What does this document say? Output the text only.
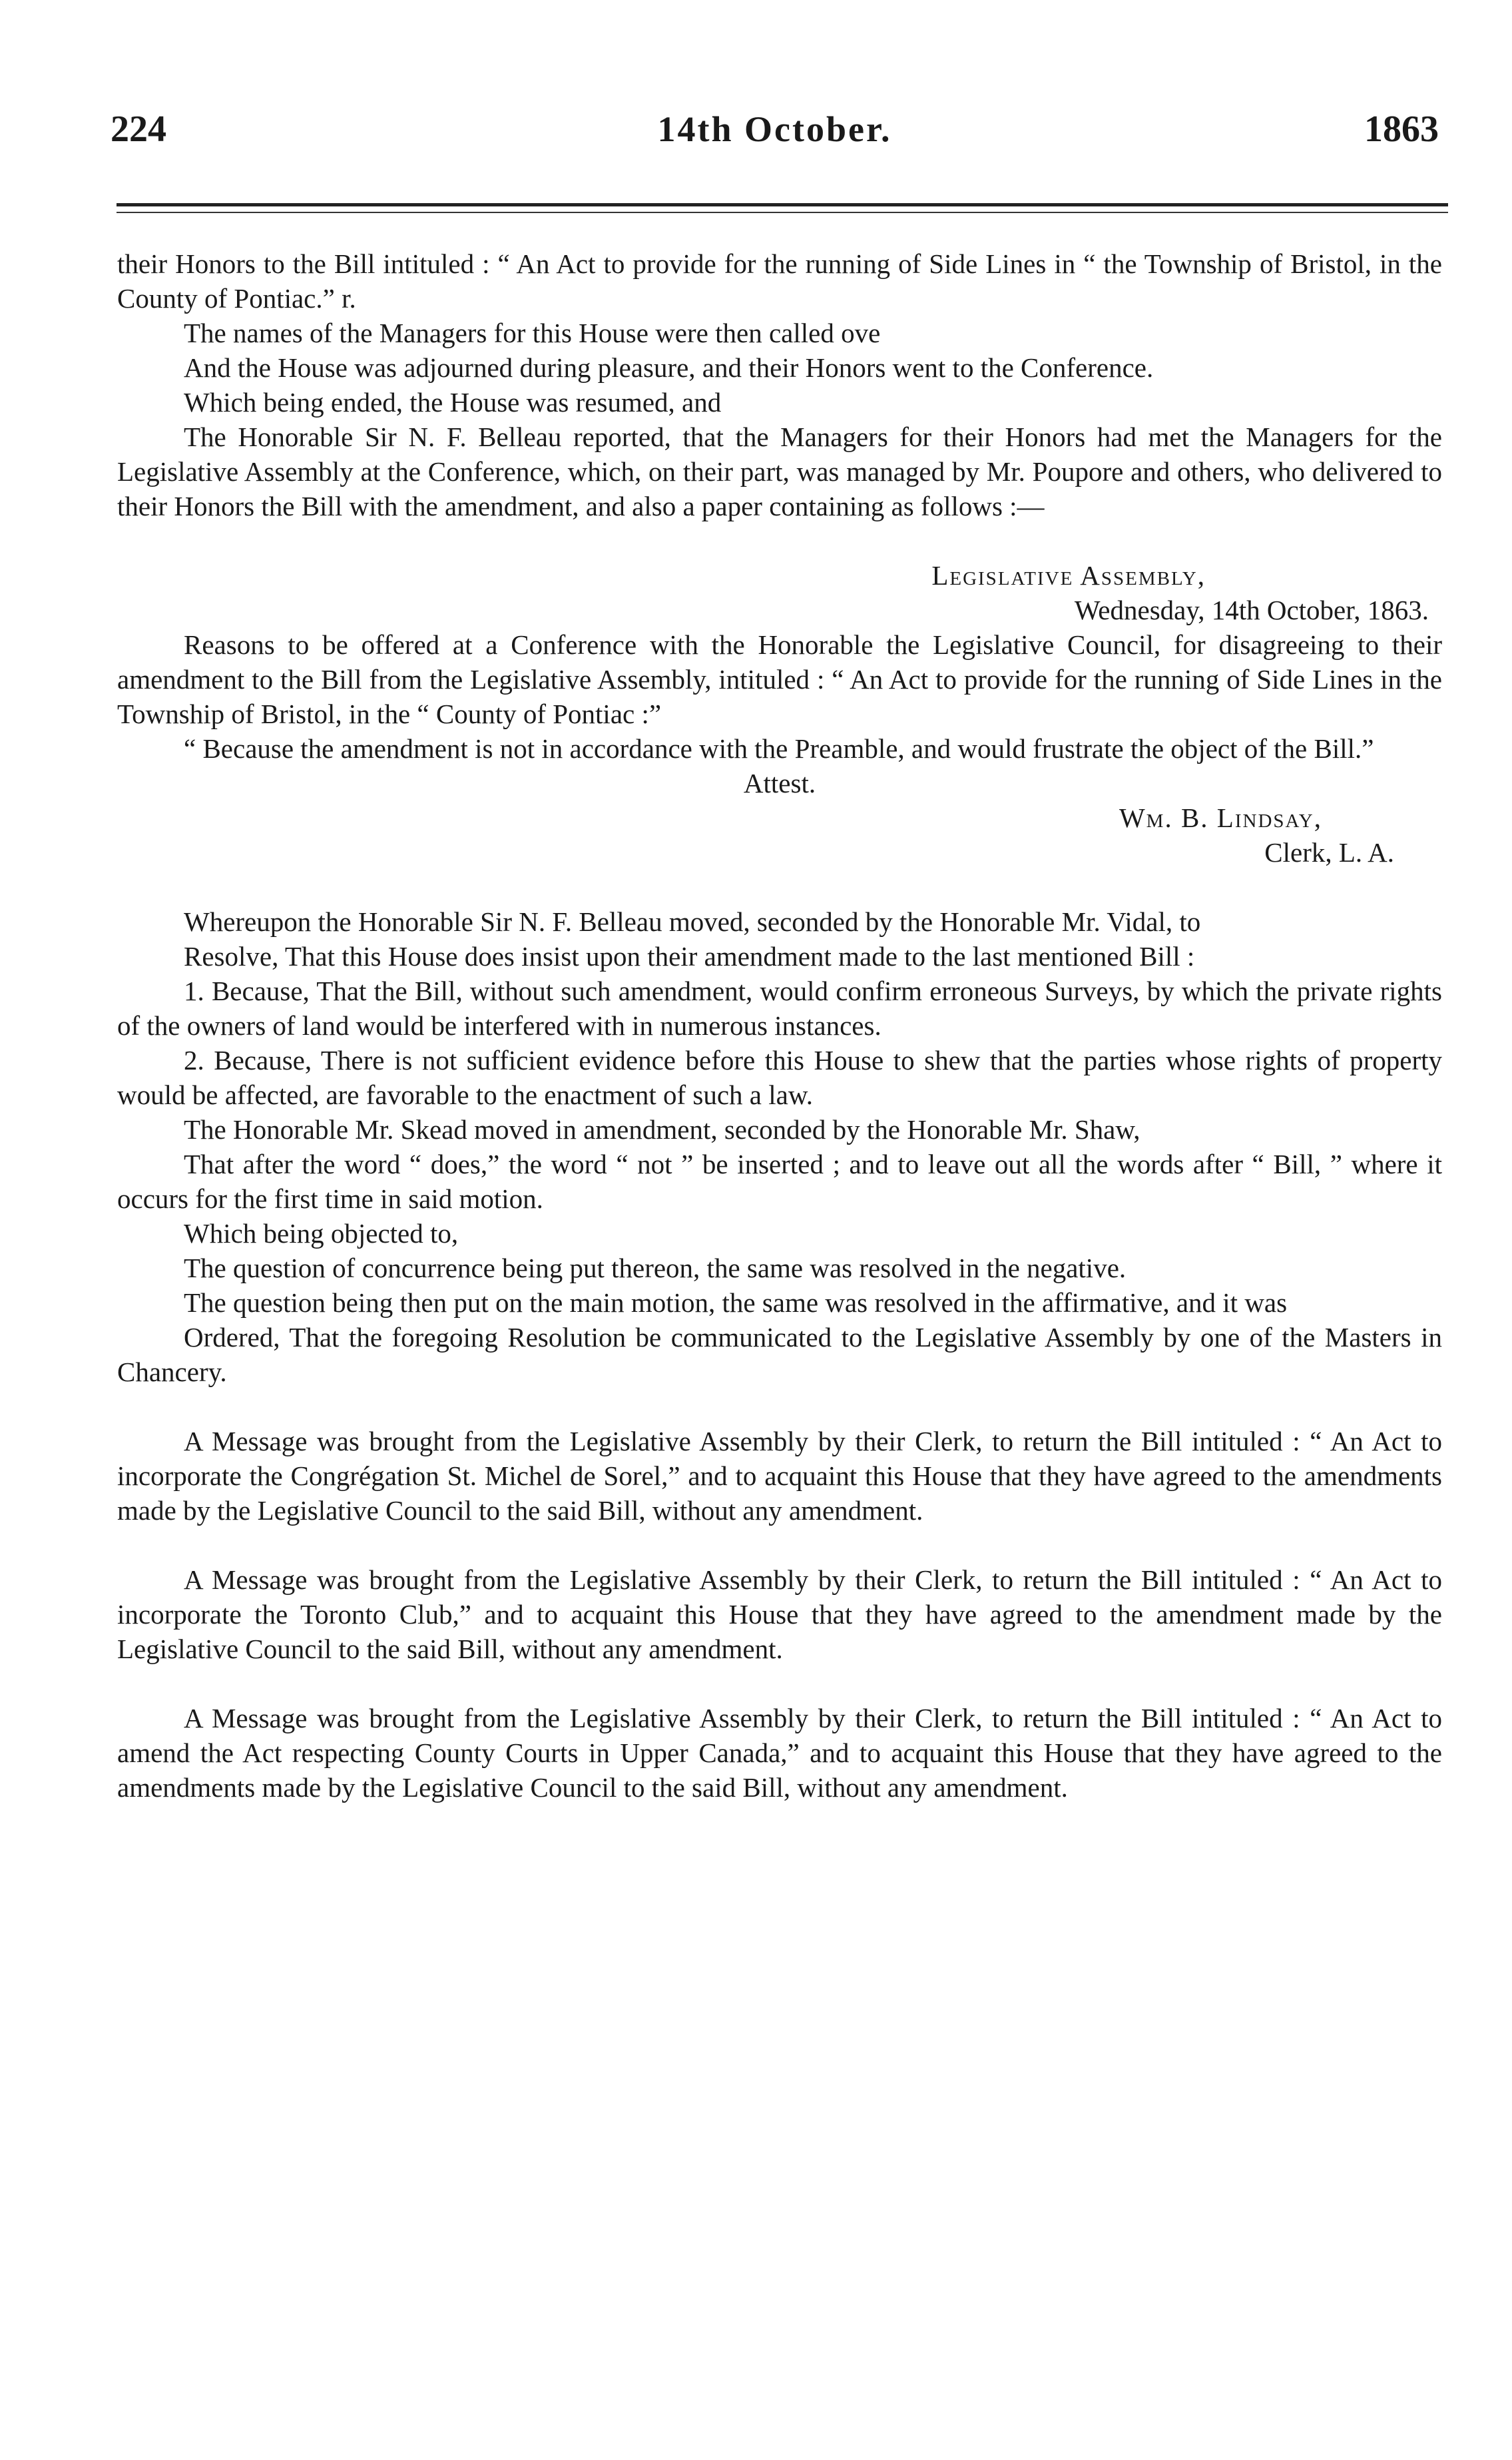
224	14th October.	1863

their Honors to the Bill intituled : “ An Act to provide for the running of Side Lines in “ the Township of Bristol, in the County of Pontiac.” r.

The names of the Managers for this House were then called ove

And the House was adjourned during pleasure, and their Honors went to the Conference.

Which being ended, the House was resumed, and

The Honorable Sir N. F. Belleau reported, that the Managers for their Honors had met the Managers for the Legislative Assembly at the Conference, which, on their part, was managed by Mr. Poupore and others, who delivered to their Honors the Bill with the amendment, and also a paper containing as follows :—

Legislative Assembly,

Wednesday, 14th October, 1863.

Reasons to be offered at a Conference with the Honorable the Legislative Council, for disagreeing to their amendment to the Bill from the Legislative Assembly, intituled : “ An Act to provide for the running of Side Lines in the Township of Bristol, in the “ County of Pontiac :”

“ Because the amendment is not in accordance with the Preamble, and would frustrate the object of the Bill.”

Attest.

Wm. B. Lindsay,

Clerk, L. A.

Whereupon the Honorable Sir N. F. Belleau moved, seconded by the Honorable Mr. Vidal, to

Resolve, That this House does insist upon their amendment made to the last mentioned Bill :

1. Because, That the Bill, without such amendment, would confirm erroneous Surveys, by which the private rights of the owners of land would be interfered with in numerous instances.

2. Because, There is not sufficient evidence before this House to shew that the parties whose rights of property would be affected, are favorable to the enactment of such a law.

The Honorable Mr. Skead moved in amendment, seconded by the Honorable Mr. Shaw,

That after the word “ does,” the word “ not ” be inserted ; and to leave out all the words after “ Bill, ” where it occurs for the first time in said motion.

Which being objected to,

The question of concurrence being put thereon, the same was resolved in the negative.

The question being then put on the main motion, the same was resolved in the affirmative, and it was

Ordered, That the foregoing Resolution be communicated to the Legislative Assembly by one of the Masters in Chancery.

A Message was brought from the Legislative Assembly by their Clerk, to return the Bill intituled : “ An Act to incorporate the Congrégation St. Michel de Sorel,” and to acquaint this House that they have agreed to the amendments made by the Legislative Council to the said Bill, without any amendment.

A Message was brought from the Legislative Assembly by their Clerk, to return the Bill intituled : “ An Act to incorporate the Toronto Club,” and to acquaint this House that they have agreed to the amendment made by the Legislative Council to the said Bill, without any amendment.

A Message was brought from the Legislative Assembly by their Clerk, to return the Bill intituled : “ An Act to amend the Act respecting County Courts in Upper Canada,” and to acquaint this House that they have agreed to the amendments made by the Legislative Council to the said Bill, without any amendment.
